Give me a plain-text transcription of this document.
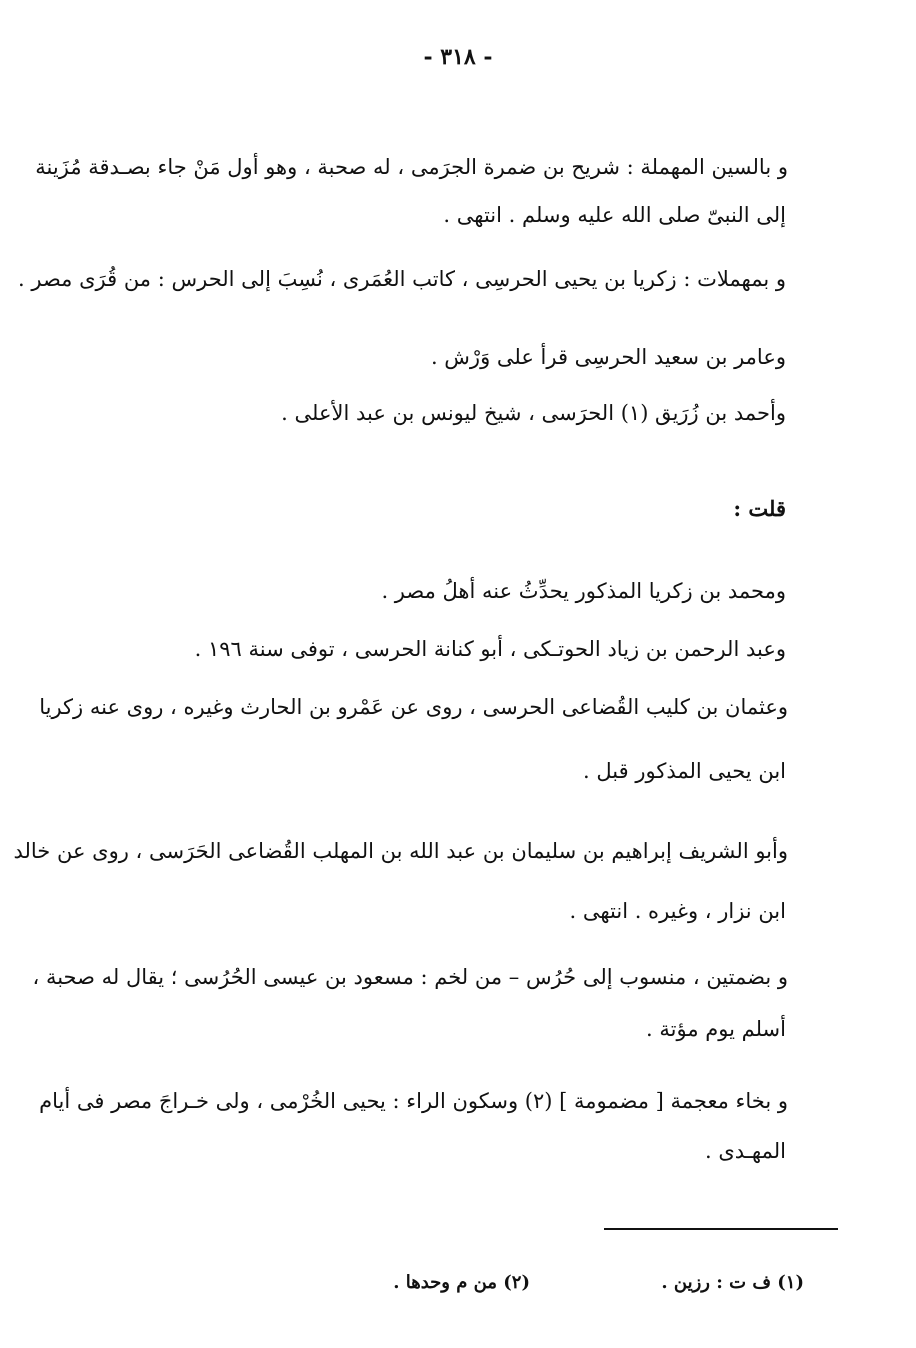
- ٣١٨ -
و بالسين المهملة : شريح بن ضمرة الجرَمى ، له صحبة ، وهو أول مَنْ جاء بصـدقة مُزَينة
إلى النبىّ صلى الله عليه وسلم . انتهى .
و بمهملات : زكريا بن يحيى الحرسِى ، كاتب العُمَرى ، نُسِبَ إلى الحرس : من قُرَى مصر .
وعامر بن سعيد الحرسِى قرأ على وَرْش .
وأحمد بن زُرَيق (١) الحرَسى ، شيخ ليونس بن عبد الأعلى .
قلت :
ومحمد بن زكريا المذكور يحدِّثُ عنه أهلُ مصر .
وعبد الرحمن بن زياد الحوتـكى ، أبو كنانة الحرسى ، توفى سنة ١٩٦ .
وعثمان بن كليب القُضاعى الحرسى ، روى عن عَمْرو بن الحارث وغيره ، روى عنه زكريا
ابن يحيى المذكور قبل .
وأبو الشريف إبراهيم بن سليمان بن عبد الله بن المهلب القُضاعى الحَرَسى ، روى عن خالد
ابن نزار ، وغيره . انتهى .
و بضمتين ، منسوب إلى حُرُس – من لخم : مسعود بن عيسى الحُرُسى ؛ يقال له صحبة ،
أسلم يوم مؤتة .
و بخاء معجمة [ مضمومة ] (٢) وسكون الراء : يحيى الخُرْمى ، ولى خـراجَ مصر فى أيام
المهـدى .
(١) ف ت : رزين .
(٢) من م وحدها .
